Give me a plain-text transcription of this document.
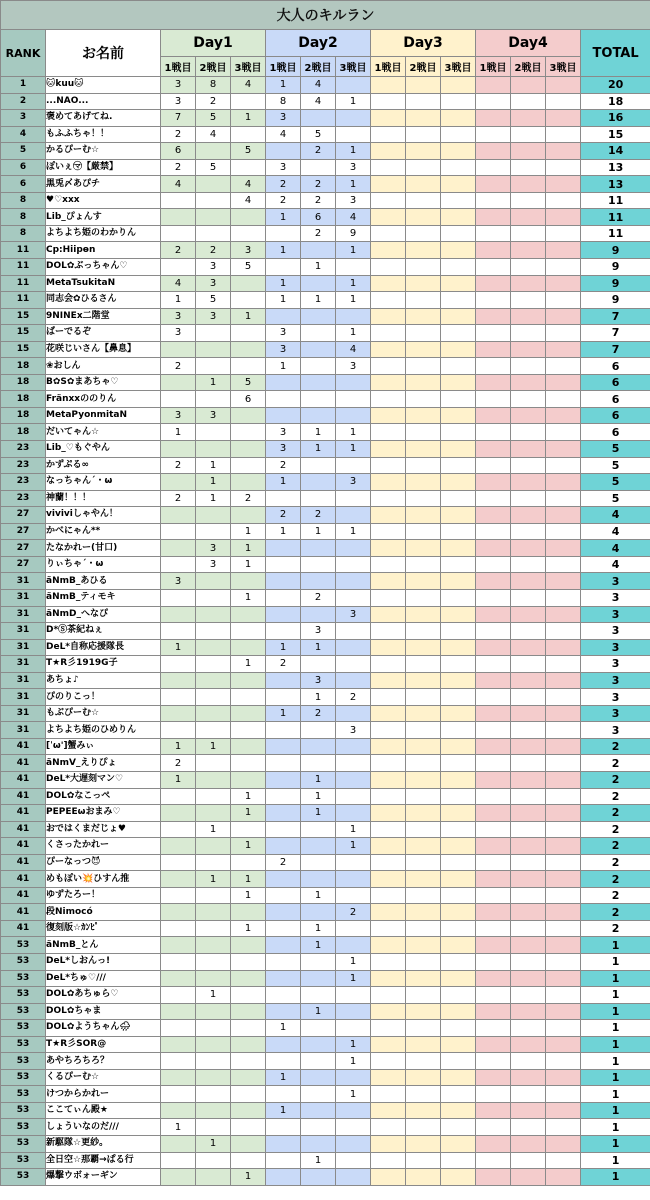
大人のキルラン														
RANK	お名前	Day1			Day2			Day3			Day4			TOTAL
		1戦目	2戦目	3戦目	1戦目	2戦目	3戦目	1戦目	2戦目	3戦目	1戦目	2戦目	3戦目	
1	🐱kuu🐱	3	8	4	1	4								20
2	...NAO...	3	2		8	4	1							18
3	褒めてあげてね.	7	5	1	3									16
4	もふふちゃ！！	2	4		4	5								15
5	かるぴーむ☆	6		5		2	1							14
6	ぽいぇ㋮【厳禁】	2	5		3		3							13
6	黒兎〆あぴチ	4		4	2	2	1							13
8	♥♡xxx			4	2	2	3							11
8	Lib_ぴょんす				1	6	4							11
8	よちよち姫のわかりん					2	9							11
11	Cp:Hiipɵn	2	2	3	1		1							9
11	DOL✿ぶっちゃん♡		3	5		1								9
11	MetaTsukitaN	4	3		1		1							9
11	同志会✿ひるさん	1	5		1	1	1							9
15	9NINEx二階堂	3	3	1										7
15	ばーでるぞ	3			3		1							7
15	花咲じいさん【鼻息】				3		4							7
18	❀おしん	2			1		3							6
18	B✿S✿まあちゃ♡		1	5										6
18	Fränxxののりん			6										6
18	MetaPyonmitaN	3	3											6
18	だいてゃん☆	1			3	1	1							6
23	Lib_♡もぐやん				3	1	1							5
23	かずぷる∞	2	1		2									5
23	なっちゃん´・ω		1		1		3							5
23	神蘭！！！	2	1	2										5
27	viviviしゃやん！				2	2								4
27	かべにゃん**			1	1	1	1							4
27	たなかれー(甘口)		3	1										4
27	りぃちゃ´・ω		3	1										4
31	ãNmB_あひる	3												3
31	ãNmB_ティモキ			1		2								3
31	ãNmD_へなぴ						3							3
31	D*Ⓢ茶紀ねぇ					3								3
31	DeL*自称応援隊長	1			1	1								3
31	T★R彡1919G子			1	2									3
31	あちょ♪					3								3
31	ぴのりこっ！					1	2							3
31	もぶぴーむ☆				1	2								3
31	よちよち姫のひめりん						3							3
41	[ˈω']蟹みぃ	1	1											2
41	ãNmV_えりぴょ	2												2
41	DeL*大遅刻マン♡	1				1								2
41	DOL✿なこっぺ			1		1								2
41	PEPEEωおまみ♡			1		1								2
41	おではくまだじょ♥		1				1							2
41	くさったかれー			1			1							2
41	ぴーなっつ😈				2									2
41	めもぽい💥ひすん推		1	1										2
41	ゆずたろー！			1		1								2
41	段Nimocó						2							2
41	復刻版☆ｶﾝﾋﾟ			1		1								2
53	ãNmB_とん					1								1
53	DeL*しおんっ!						1							1
53	DeL*ちゅ♡///						1							1
53	DOL✿あちゅら♡		1											1
53	DOL✿ちゃま					1								1
53	DOL✿ようちゃん🌧				1									1
53	T★R彡SOR@						1							1
53	あやちろちろ？						1							1
53	くるぴーむ☆				1									1
53	けつからかれー						1							1
53	ここてぃん殿★				1									1
53	しょういなのだ///	1												1
53	新駆隊☆更紗。		1											1
53	全日空☆那覇→ぱる行					1								1
53	爆撃ウボォーギン			1										1
